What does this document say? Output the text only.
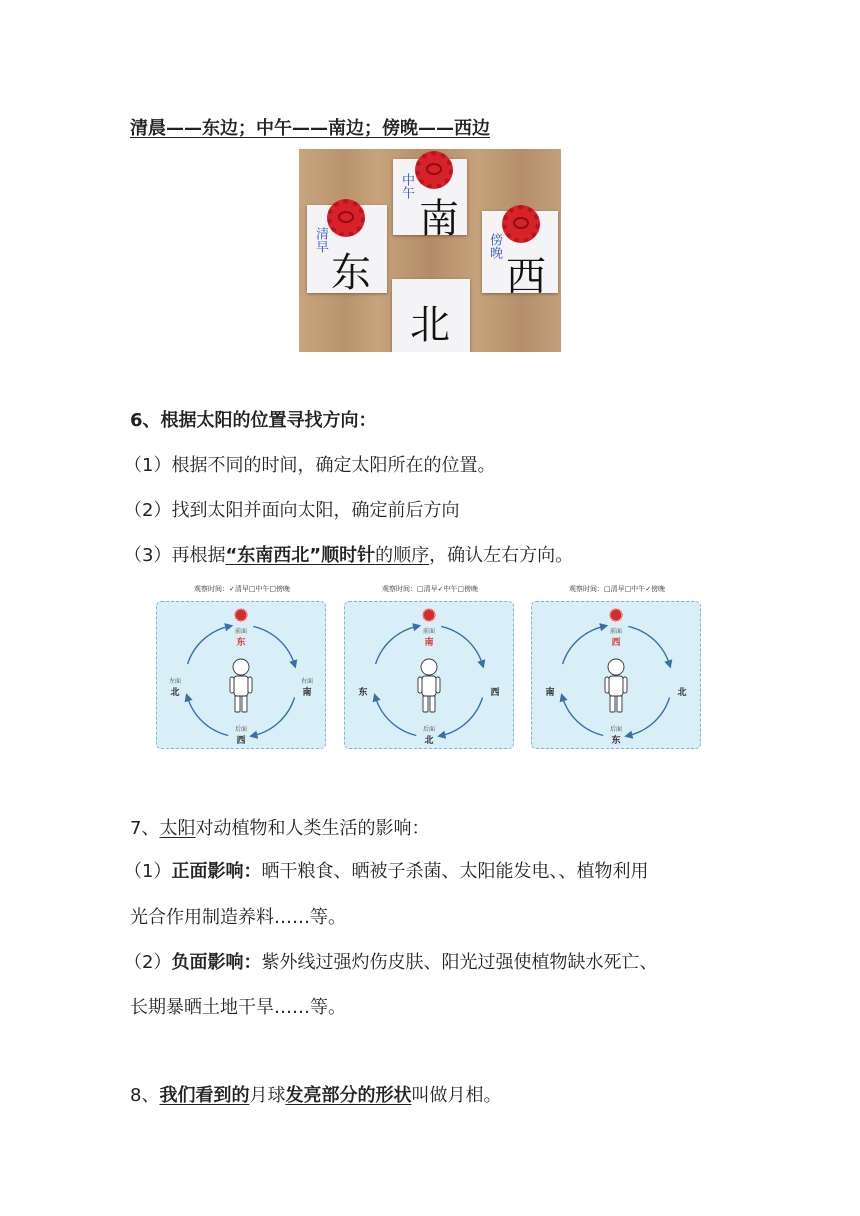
清晨——东边；中午——南边；傍晚——西边
清早
东
中午
南
傍晚
西
北
6、根据太阳的位置寻找方向：
（1）根据不同的时间，确定太阳所在的位置。
（2）找到太阳并面向太阳，确定前后方向
（3）再根据“东南西北”顺时针的顺序，确认左右方向。
观察时间：✓清早□中午□傍晚
前面
东
左面
北
右面
南
后面
西
观察时间：□清早✓中午□傍晚
前面
南
东	西
后面
北
观察时间：□清早□中午✓傍晚
前面
西
南	北
后面
东
7、太阳对动植物和人类生活的影响：
（1）正面影响：晒干粮食、晒被子杀菌、太阳能发电、、植物利用
光合作用制造养料……等。
（2）负面影响：紫外线过强灼伤皮肤、阳光过强使植物缺水死亡、
长期暴晒土地干旱……等。
8、我们看到的月球发亮部分的形状叫做月相。
